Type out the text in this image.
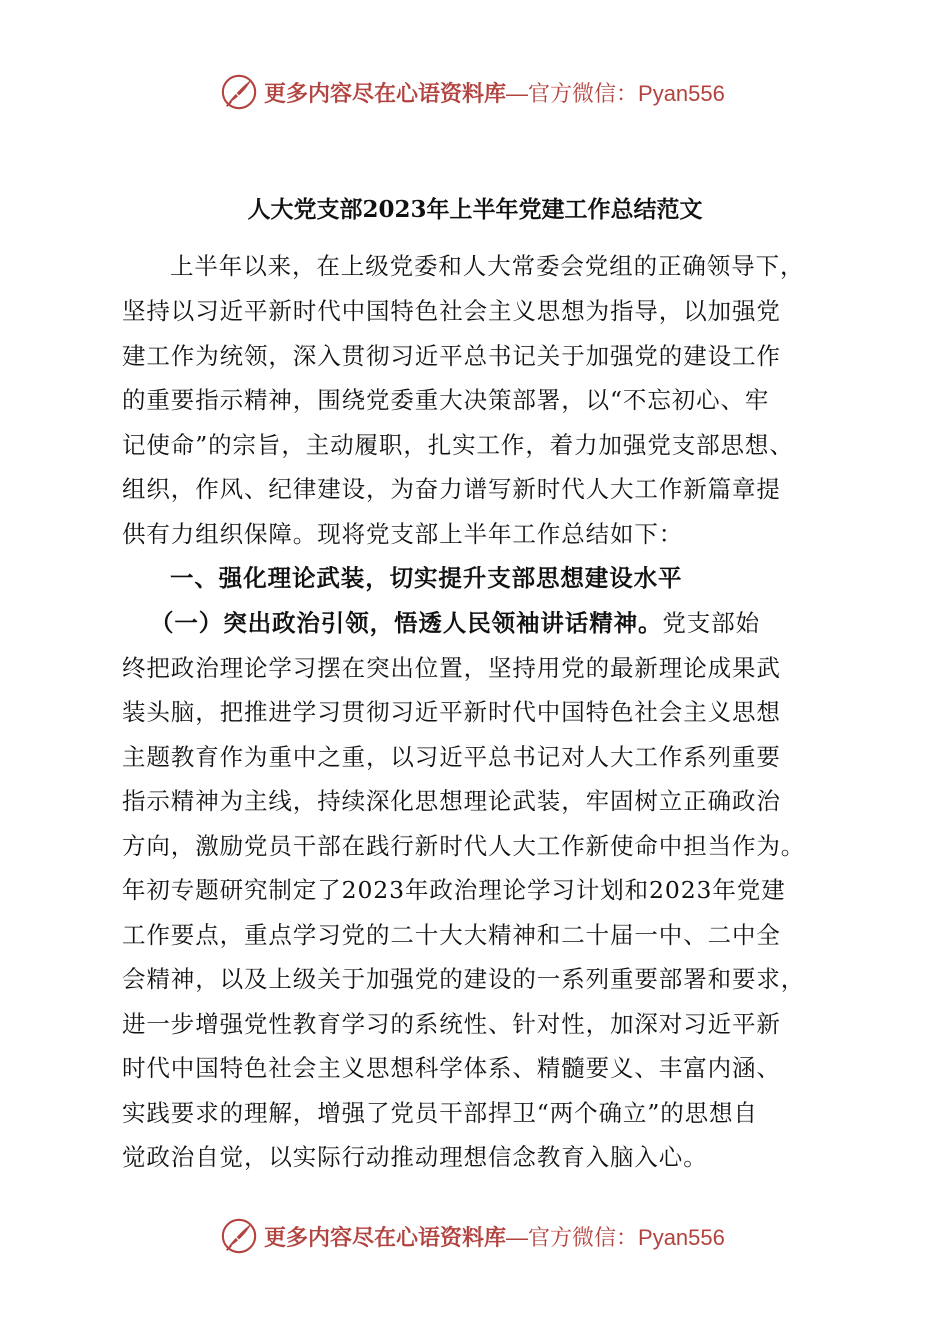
更多内容尽在心语资料库—官方微信：Pyan556
人大党支部2023年上半年党建工作总结范文
上半年以来，在上级党委和人大常委会党组的正确领导下，
坚持以习近平新时代中国特色社会主义思想为指导，以加强党
建工作为统领，深入贯彻习近平总书记关于加强党的建设工作
的重要指示精神，围绕党委重大决策部署，以“不忘初心、牢
记使命”的宗旨，主动履职，扎实工作，着力加强党支部思想、
组织，作风、纪律建设，为奋力谱写新时代人大工作新篇章提
供有力组织保障。现将党支部上半年工作总结如下：
一、强化理论武装，切实提升支部思想建设水平
（一）突出政治引领，悟透人民领袖讲话精神。党支部始
终把政治理论学习摆在突出位置，坚持用党的最新理论成果武
装头脑，把推进学习贯彻习近平新时代中国特色社会主义思想
主题教育作为重中之重，以习近平总书记对人大工作系列重要
指示精神为主线，持续深化思想理论武装，牢固树立正确政治
方向，激励党员干部在践行新时代人大工作新使命中担当作为。
年初专题研究制定了2023年政治理论学习计划和2023年党建
工作要点，重点学习党的二十大大精神和二十届一中、二中全
会精神，以及上级关于加强党的建设的一系列重要部署和要求，
进一步增强党性教育学习的系统性、针对性，加深对习近平新
时代中国特色社会主义思想科学体系、精髓要义、丰富内涵、
实践要求的理解，增强了党员干部捍卫“两个确立”的思想自
觉政治自觉，以实际行动推动理想信念教育入脑入心。
更多内容尽在心语资料库—官方微信：Pyan556
